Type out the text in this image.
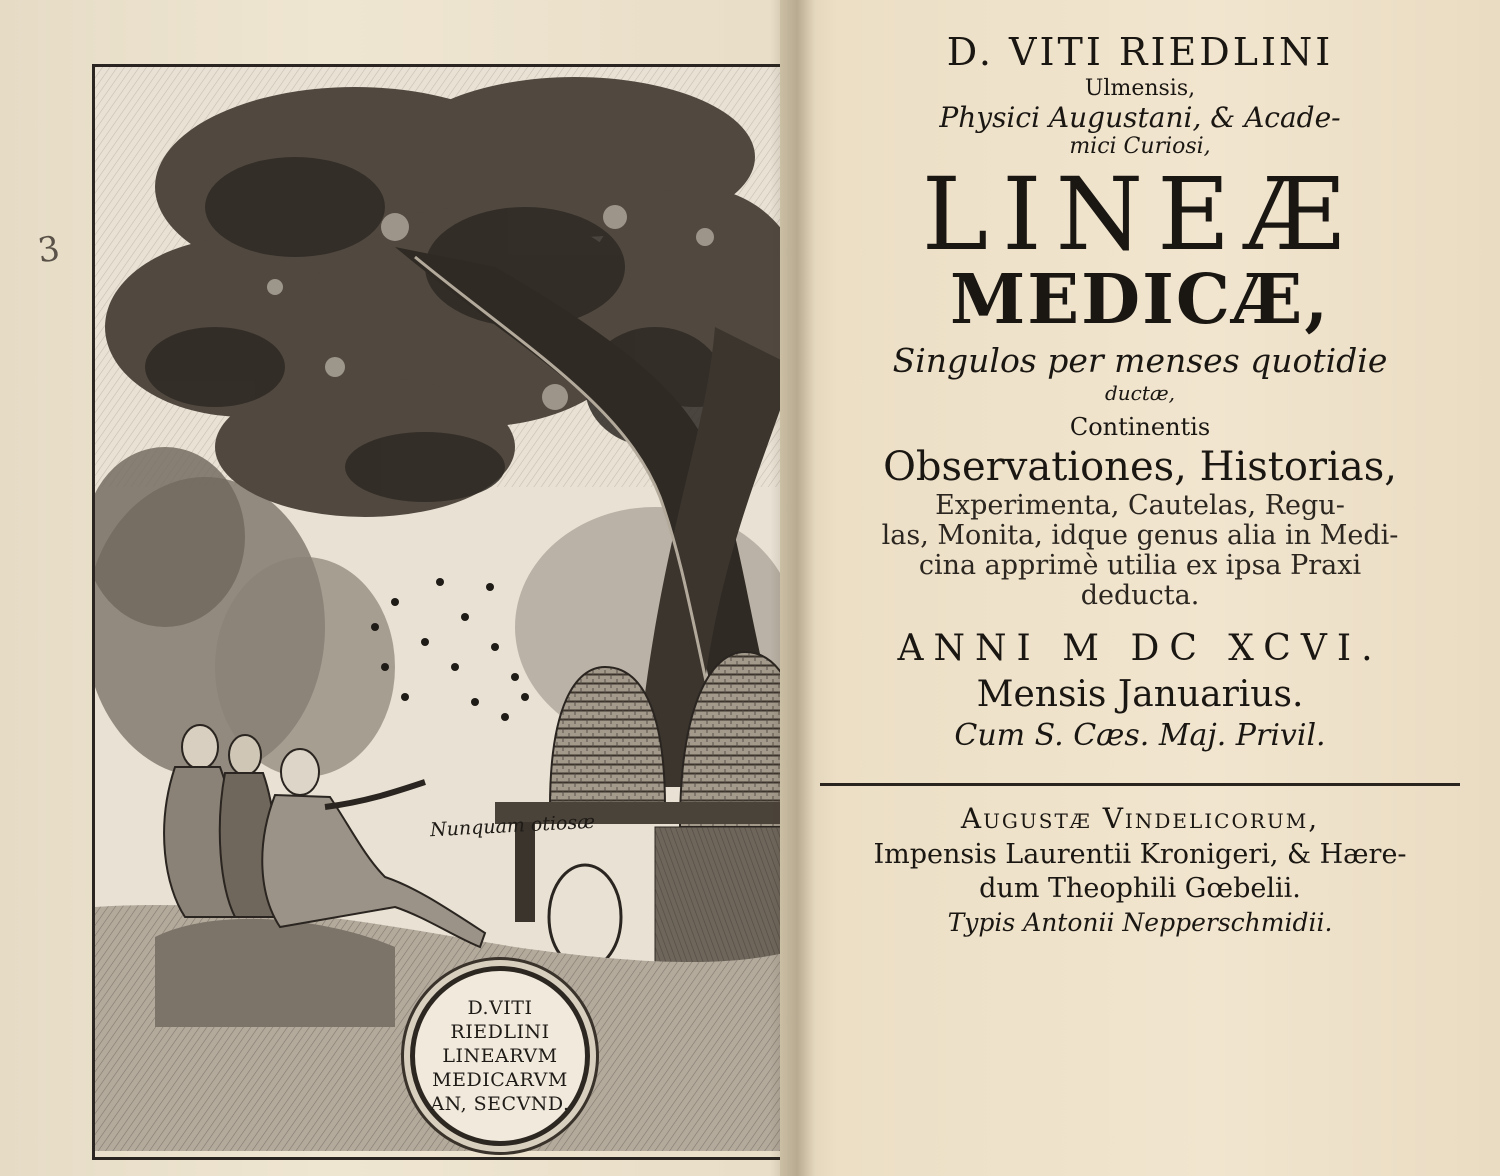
3
Nunquam otiosæ
D.VITI
RIEDLINI
LINEARVM
MEDICARVM
AN, SECVND.
D. VITI RIEDLINI
Ulmensis,
Physici Augustani, & Acade-
mici Curiosi,
LINEÆ
MEDICÆ,
Singulos per menses quotidie
ductæ,
Continentis
Observationes, Historias,
Experimenta, Cautelas, Regu-
las, Monita, idque genus alia in Medi-
cina apprimè utilia ex ipsa Praxi
deducta.
ANNI M DC XCVI.
Mensis Januarius.
Cum S. Cæs. Maj. Privil.
Augustæ Vindelicorum,
Impensis Laurentii Kronigeri, & Hære-
dum Theophili Gœbelii.
Typis Antonii Nepperschmidii.
